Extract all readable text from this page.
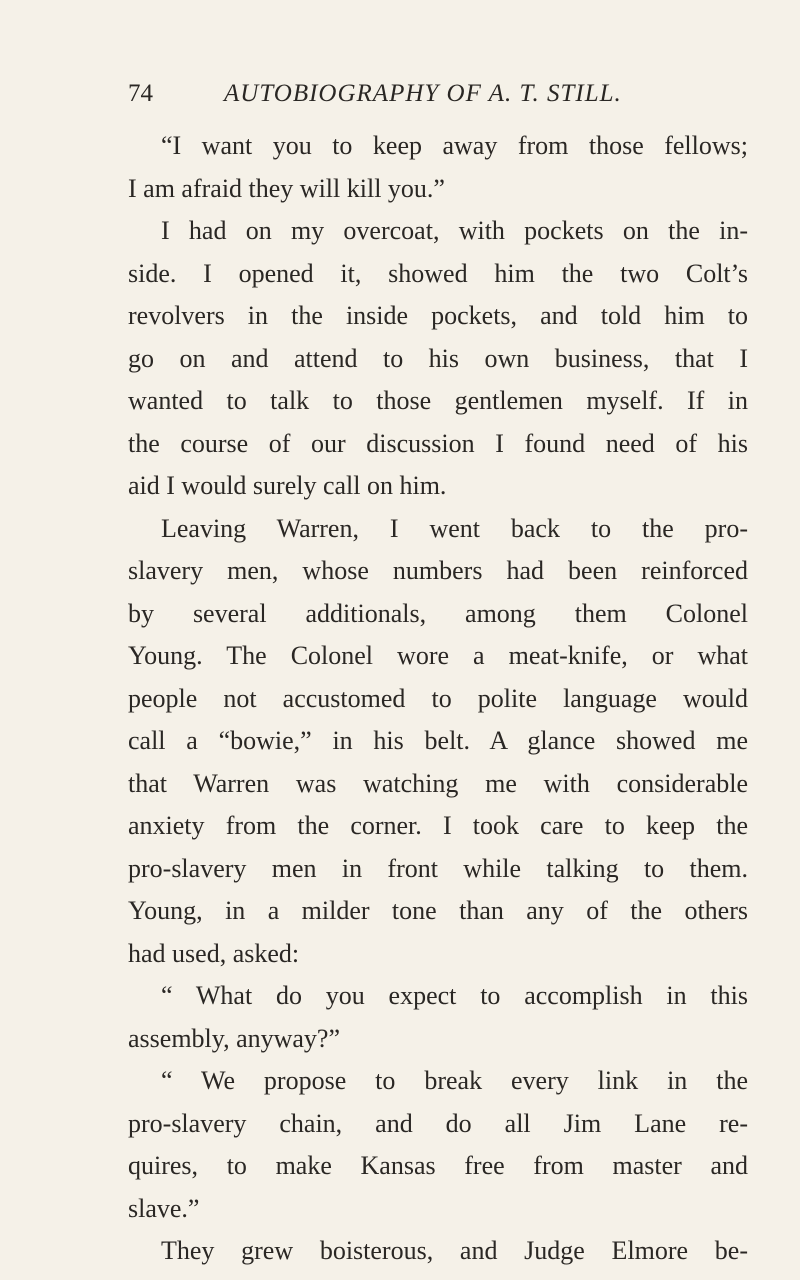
74	AUTOBIOGRAPHY OF A. T. STILL.
“I want you to keep away from those fellows;
I am afraid they will kill you.”
I had on my overcoat, with pockets on the in-
side. I opened it, showed him the two Colt’s
revolvers in the inside pockets, and told him to
go on and attend to his own business, that I
wanted to talk to those gentlemen myself. If in
the course of our discussion I found need of his
aid I would surely call on him.
Leaving Warren, I went back to the pro-
slavery men, whose numbers had been reinforced
by several additionals, among them Colonel
Young. The Colonel wore a meat-knife, or what
people not accustomed to polite language would
call a “bowie,” in his belt. A glance showed me
that Warren was watching me with considerable
anxiety from the corner. I took care to keep the
pro-slavery men in front while talking to them.
Young, in a milder tone than any of the others
had used, asked:
“ What do you expect to accomplish in this
assembly, anyway?”
“ We propose to break every link in the
pro-slavery chain, and do all Jim Lane re-
quires, to make Kansas free from master and
slave.”
They grew boisterous, and Judge Elmore be-
